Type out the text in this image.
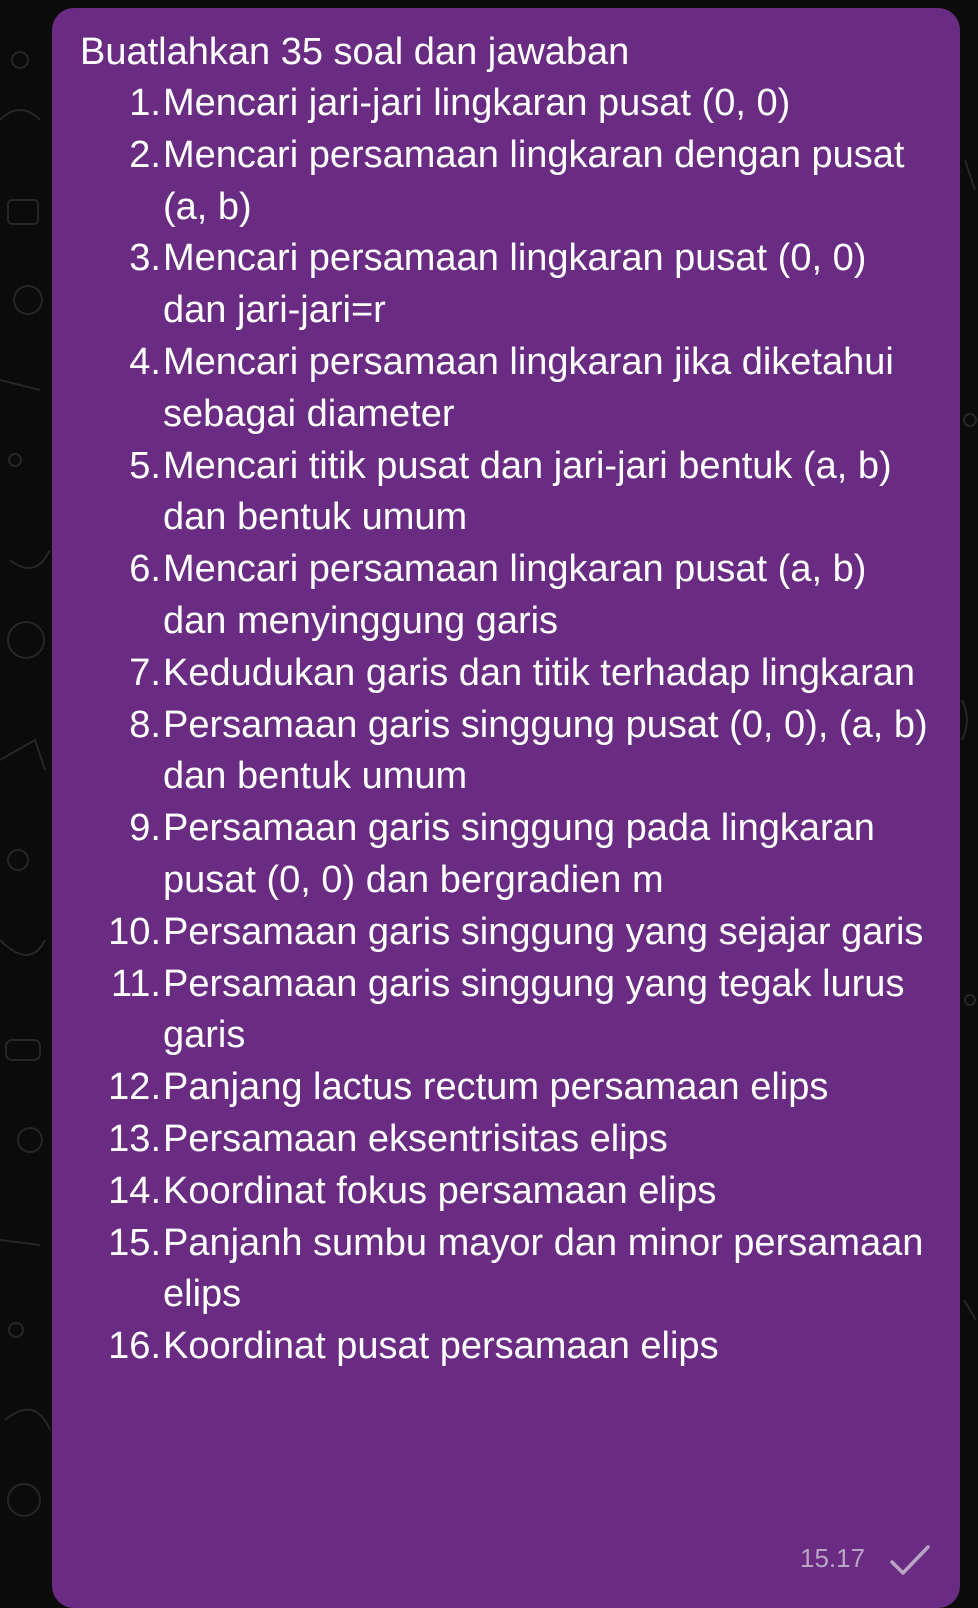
Buatlahkan 35 soal dan jawaban
1. Mencari jari-jari lingkaran pusat (0, 0)
2. Mencari persamaan lingkaran dengan pusat (a, b)
3. Mencari persamaan lingkaran pusat (0, 0) dan jari-jari=r
4. Mencari persamaan lingkaran jika diketahui sebagai diameter
5. Mencari titik pusat dan jari-jari bentuk (a, b) dan bentuk umum
6. Mencari persamaan lingkaran pusat (a, b) dan menyinggung garis
7. Kedudukan garis dan titik terhadap lingkaran
8. Persamaan garis singgung pusat (0, 0), (a, b) dan bentuk umum
9. Persamaan garis singgung pada lingkaran pusat (0, 0) dan bergradien m
10. Persamaan garis singgung yang sejajar garis
11. Persamaan garis singgung yang tegak lurus garis
12. Panjang lactus rectum persamaan elips
13. Persamaan eksentrisitas elips
14. Koordinat fokus persamaan elips
15. Panjanh sumbu mayor dan minor persamaan elips
16. Koordinat pusat persamaan elips
15.17
